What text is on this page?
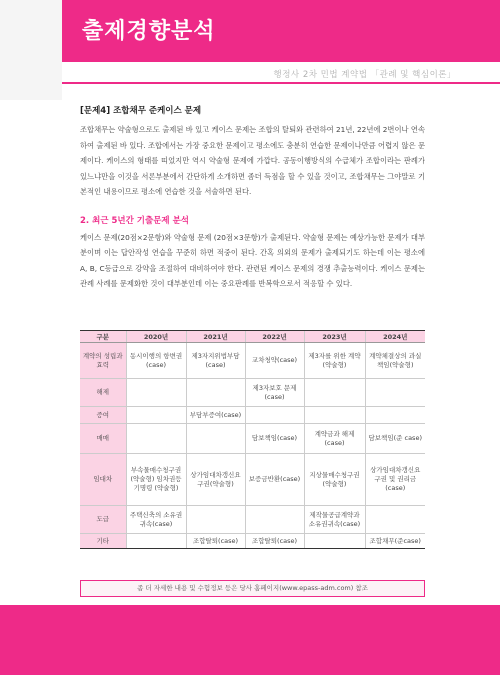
출제경향분석
행정사 2차 민법 계약법 「관례 및 핵심이론」
[문제4] 조합채무 준케이스 문제
조합채무는 약술형으로도 출제된 바 있고 케이스 문제는 조합의 탈퇴와 관련하여 21년, 22년에 2번이나 연속하여 출제된 바 있다. 조합에서는 가장 중요한 문제이고 평소에도 충분히 연습한 문제이나만큼 어렵지 않은 문제이다. 케이스의 형태를 띠었지만 역시 약술형 문제에 가깝다. 공동이행방식의 수급체가 조합이라는 판례가 있느냐만을 이것을 서론부분에서 간단하게 소개하면 좀더 득점을 할 수 있을 것이고, 조합채무는 그야말로 기본적인 내용이므로 평소에 연습한 것을 서술하면 된다.
2. 최근 5년간 기출문제 분석
케이스 문제(20점×2문항)와 약술형 문제 (20점×3문항)가 출제된다. 약술형 문제는 예상가능한 문제가 대부분이며 이는 답안작성 연습을 꾸준히 하면 적중이 된다. 간혹 의외의 문제가 출제되기도 하는데 이는 평소에 A, B, C등급으로 강약을 조절하여 대비하여야 한다. 관련된 케이스 문제의 경쟁 추출능력이다. 케이스 문제는 관례 사례를 문제화한 것이 대부분인데 이는 중요판례를 반복학으로서 적응할 수 있다.
구분	2020년	2021년	2022년	2023년	2024년
계약의 성립과 효력	동시이행의 항변권(case)	제3자지위법부담 (case)	교차청약(case)	제3자를 위한 계약(약술형)	계약체결상의 과실책임(약술형)
해제			제3자보호 문제(case)		
증여		부담부증여(case)			
매매			담보책임(case)	계약금과 해제(case)	담보책임(준 case)
임대차	부속물매수청구권 (약술형) 임차권등기명령 (약술형)	상가임대차갱신요 구권(약술형)	보증금반환(case)	지상물매수청구권 (약술형)	상가임대차갱신요 구권 및 권리금 (case)
도급	주택신축의 소유권귀속(case)			제작물공급계약과 소유권귀속(case)	
기타		조합탈퇴(case)	조합탈퇴(case)		조합채무(준case)
좀 더 자세한 내용 및 수험정보 등은 당사 홈페이지(www.epass-adm.com) 참조
